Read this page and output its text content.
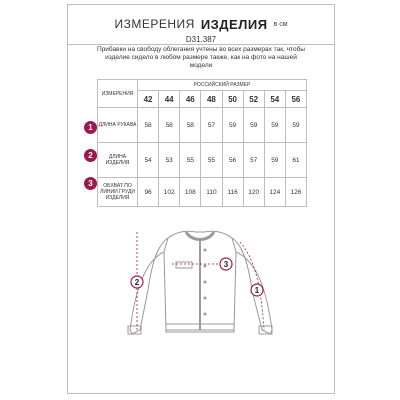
ИЗМЕРЕНИЯ ИЗДЕЛИЯ в см
D31.387
Прибавки на свободу облегания учтены во всех размерах так, чтобы изделие сидело в любом размере также, как на фото на нашей модели
ИЗМЕРЕНИЯ	РОССИЙСКИЙ РАЗМЕР							
	42	44	46	48	50	52	54	56
ДЛИНА РУКАВА	58	58	58	57	59	59	59	59
ДЛИНА ИЗДЕЛИЯ	54	53	55	55	56	57	59	61
ОБХВАТ ПО ЛИНИИ ГРУДИ ИЗДЕЛИЯ	96	102	108	110	116	120	124	126
1
2
3
1
2
3
